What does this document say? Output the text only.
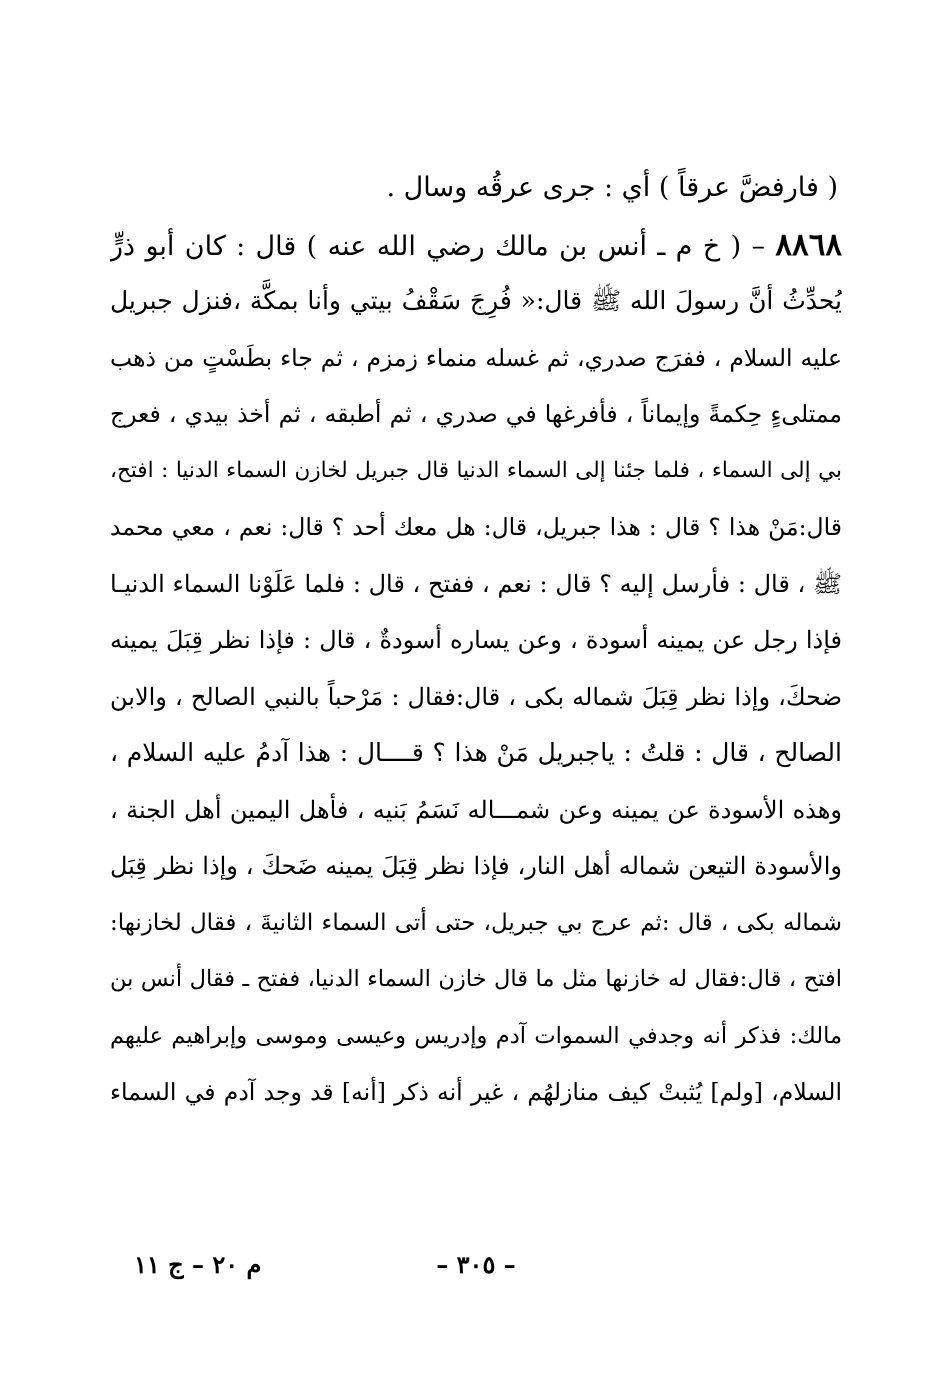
( فارفضَّ عرقاً ) أي : جرى عرقُه وسال .
٨٨٦٨ – ( خ م ـ أنس بن مالك رضي الله عنه ) قال : كان أبو ذرٍّ
يُحدِّثُ أنَّ رسولَ الله ﷺ قال:« فُرِجَ سَقْفُ بيتي وأنا بمكَّة ،فنزل جبريل
عليه السلام ، ففرَج صدري، ثم غسله منماء زمزم ، ثم جاء بطَسْتٍ من ذهب
ممتلىءٍ حِكمةً وإيماناً ، فأفرغها في صدري ، ثم أطبقه ، ثم أخذ بيدي ، فعرج
بي إلى السماء ، فلما جئنا إلى السماء الدنيا قال جبريل لخازن السماء الدنيا : افتح،
قال:مَنْ هذا ؟ قال : هذا جبريل، قال: هل معك أحد ؟ قال: نعم ، معي محمد
ﷺ ، قال : فأرسل إليه ؟ قال : نعم ، ففتح ، قال : فلما عَلَوْنا السماء الدنيـا
فإذا رجل عن يمينه أسودة ، وعن يساره أسودةٌ ، قال : فإذا نظر قِبَلَ يمينه
ضحكَ، وإذا نظر قِبَلَ شماله بكى ، قال:فقال : مَرْحباً بالنبي الصالح ، والابن
الصالح ، قال : قلتُ : ياجبريل مَنْ هذا ؟ قــــال : هذا آدمُ عليه السلام ،
وهذه الأسودة عن يمينه وعن شمـــاله نَسَمُ بَنيه ، فأهل اليمين أهل الجنة ،
والأسودة التيعن شماله أهل النار، فإذا نظر قِبَلَ يمينه ضَحكَ ، وإذا نظر قِبَل
شماله بكى ، قال :ثم عرج بي جبريل، حتى أتى السماء الثانيةَ ، فقال لخازنها:
افتح ، قال:فقال له خازنها مثل ما قال خازن السماء الدنيا، ففتح ـ فقال أنس بن
مالك: فذكر أنه وجدفي السموات آدم وإدريس وعيسى وموسى وإبراهيم عليهم
السلام، [ولم] يُثبتْ كيف منازلهُم ، غير أنه ذكر [أنه] قد وجد آدم في السماء
– ٣٠٥ –
م ٢٠ – ج ١١
